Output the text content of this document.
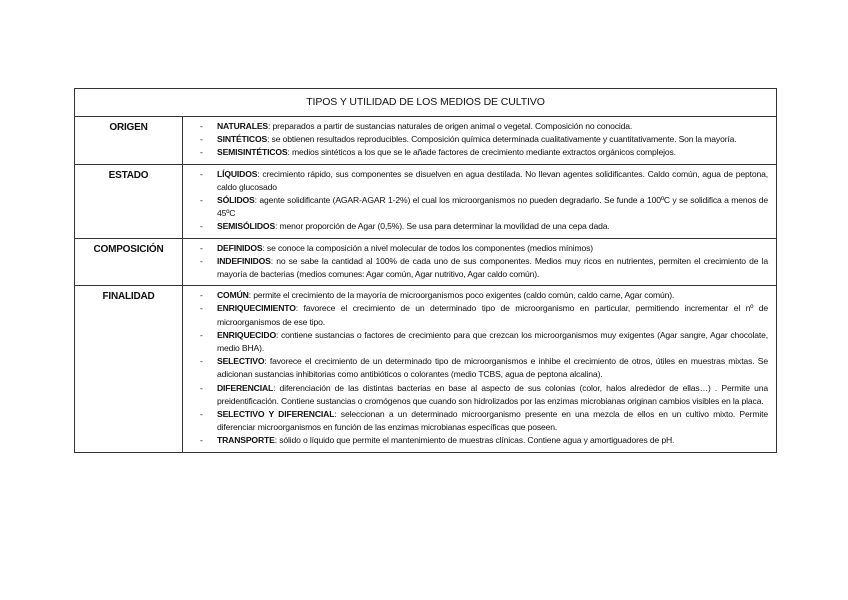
TIPOS Y UTILIDAD DE LOS MEDIOS DE CULTIVO
ORIGEN	-	NATURALES: preparados a partir de sustancias naturales de origen animal o vegetal. Composición no conocida.
-	SINTÉTICOS: se obtienen resultados reproducibles. Composición química determinada cualitativamente y cuantitativamente. Son la mayoría.
-	SEMISINTÉTICOS: medios sintéticos a los que se le añade factores de crecimiento mediante extractos orgánicos complejos.
ESTADO	-	LÍQUIDOS: crecimiento rápido, sus componentes se disuelven en agua destilada. No llevan agentes solidificantes. Caldo común, agua de peptona, caldo glucosado
-	SÓLIDOS: agente solidificante (AGAR-AGAR 1-2%) el cual los microorganismos no pueden degradarlo. Se funde a 100ºC y se solidifica a menos de 45ºC
-	SEMISÓLIDOS: menor proporción de Agar (0,5%). Se usa para determinar la movilidad de una cepa dada.
COMPOSICIÓN	-	DEFINIDOS: se conoce la composición a nivel molecular de todos los componentes (medios mínimos)
-	INDEFINIDOS: no se sabe la cantidad al 100% de cada uno de sus componentes. Medios muy ricos en nutrientes, permiten el crecimiento de la mayoría de bacterias (medios comunes: Agar común, Agar nutritivo, Agar caldo común).
FINALIDAD	-	COMÚN: permite el crecimiento de la mayoría de microorganismos poco exigentes (caldo común, caldo carne, Agar común).
-	ENRIQUECIMIENTO: favorece el crecimiento de un determinado tipo de microorganismo en particular, permitiendo incrementar el nº de microorganismos de ese tipo.
-	ENRIQUECIDO: contiene sustancias o factores de crecimiento para que crezcan los microorganismos muy exigentes (Agar sangre, Agar chocolate, medio BHA).
-	SELECTIVO: favorece el crecimiento de un determinado tipo de microorganismos e inhibe el crecimiento de otros, útiles en muestras mixtas. Se adicionan sustancias inhibitorias como antibióticos o colorantes (medio TCBS, agua de peptona alcalina).
-	DIFERENCIAL: diferenciación de las distintas bacterias en base al aspecto de sus colonias (color, halos alrededor de ellas…) . Permite una preidentificación. Contiene sustancias o cromógenos que cuando son hidrolizados por las enzimas microbianas originan cambios visibles en la placa.
-	SELECTIVO Y DIFERENCIAL: seleccionan a un determinado microorganismo presente en una mezcla de ellos en un cultivo mixto. Permite diferenciar microorganismos en función de las enzimas microbianas específicas que poseen.
-	TRANSPORTE: sólido o líquido que permite el mantenimiento de muestras clínicas. Contiene agua y amortiguadores de pH.
